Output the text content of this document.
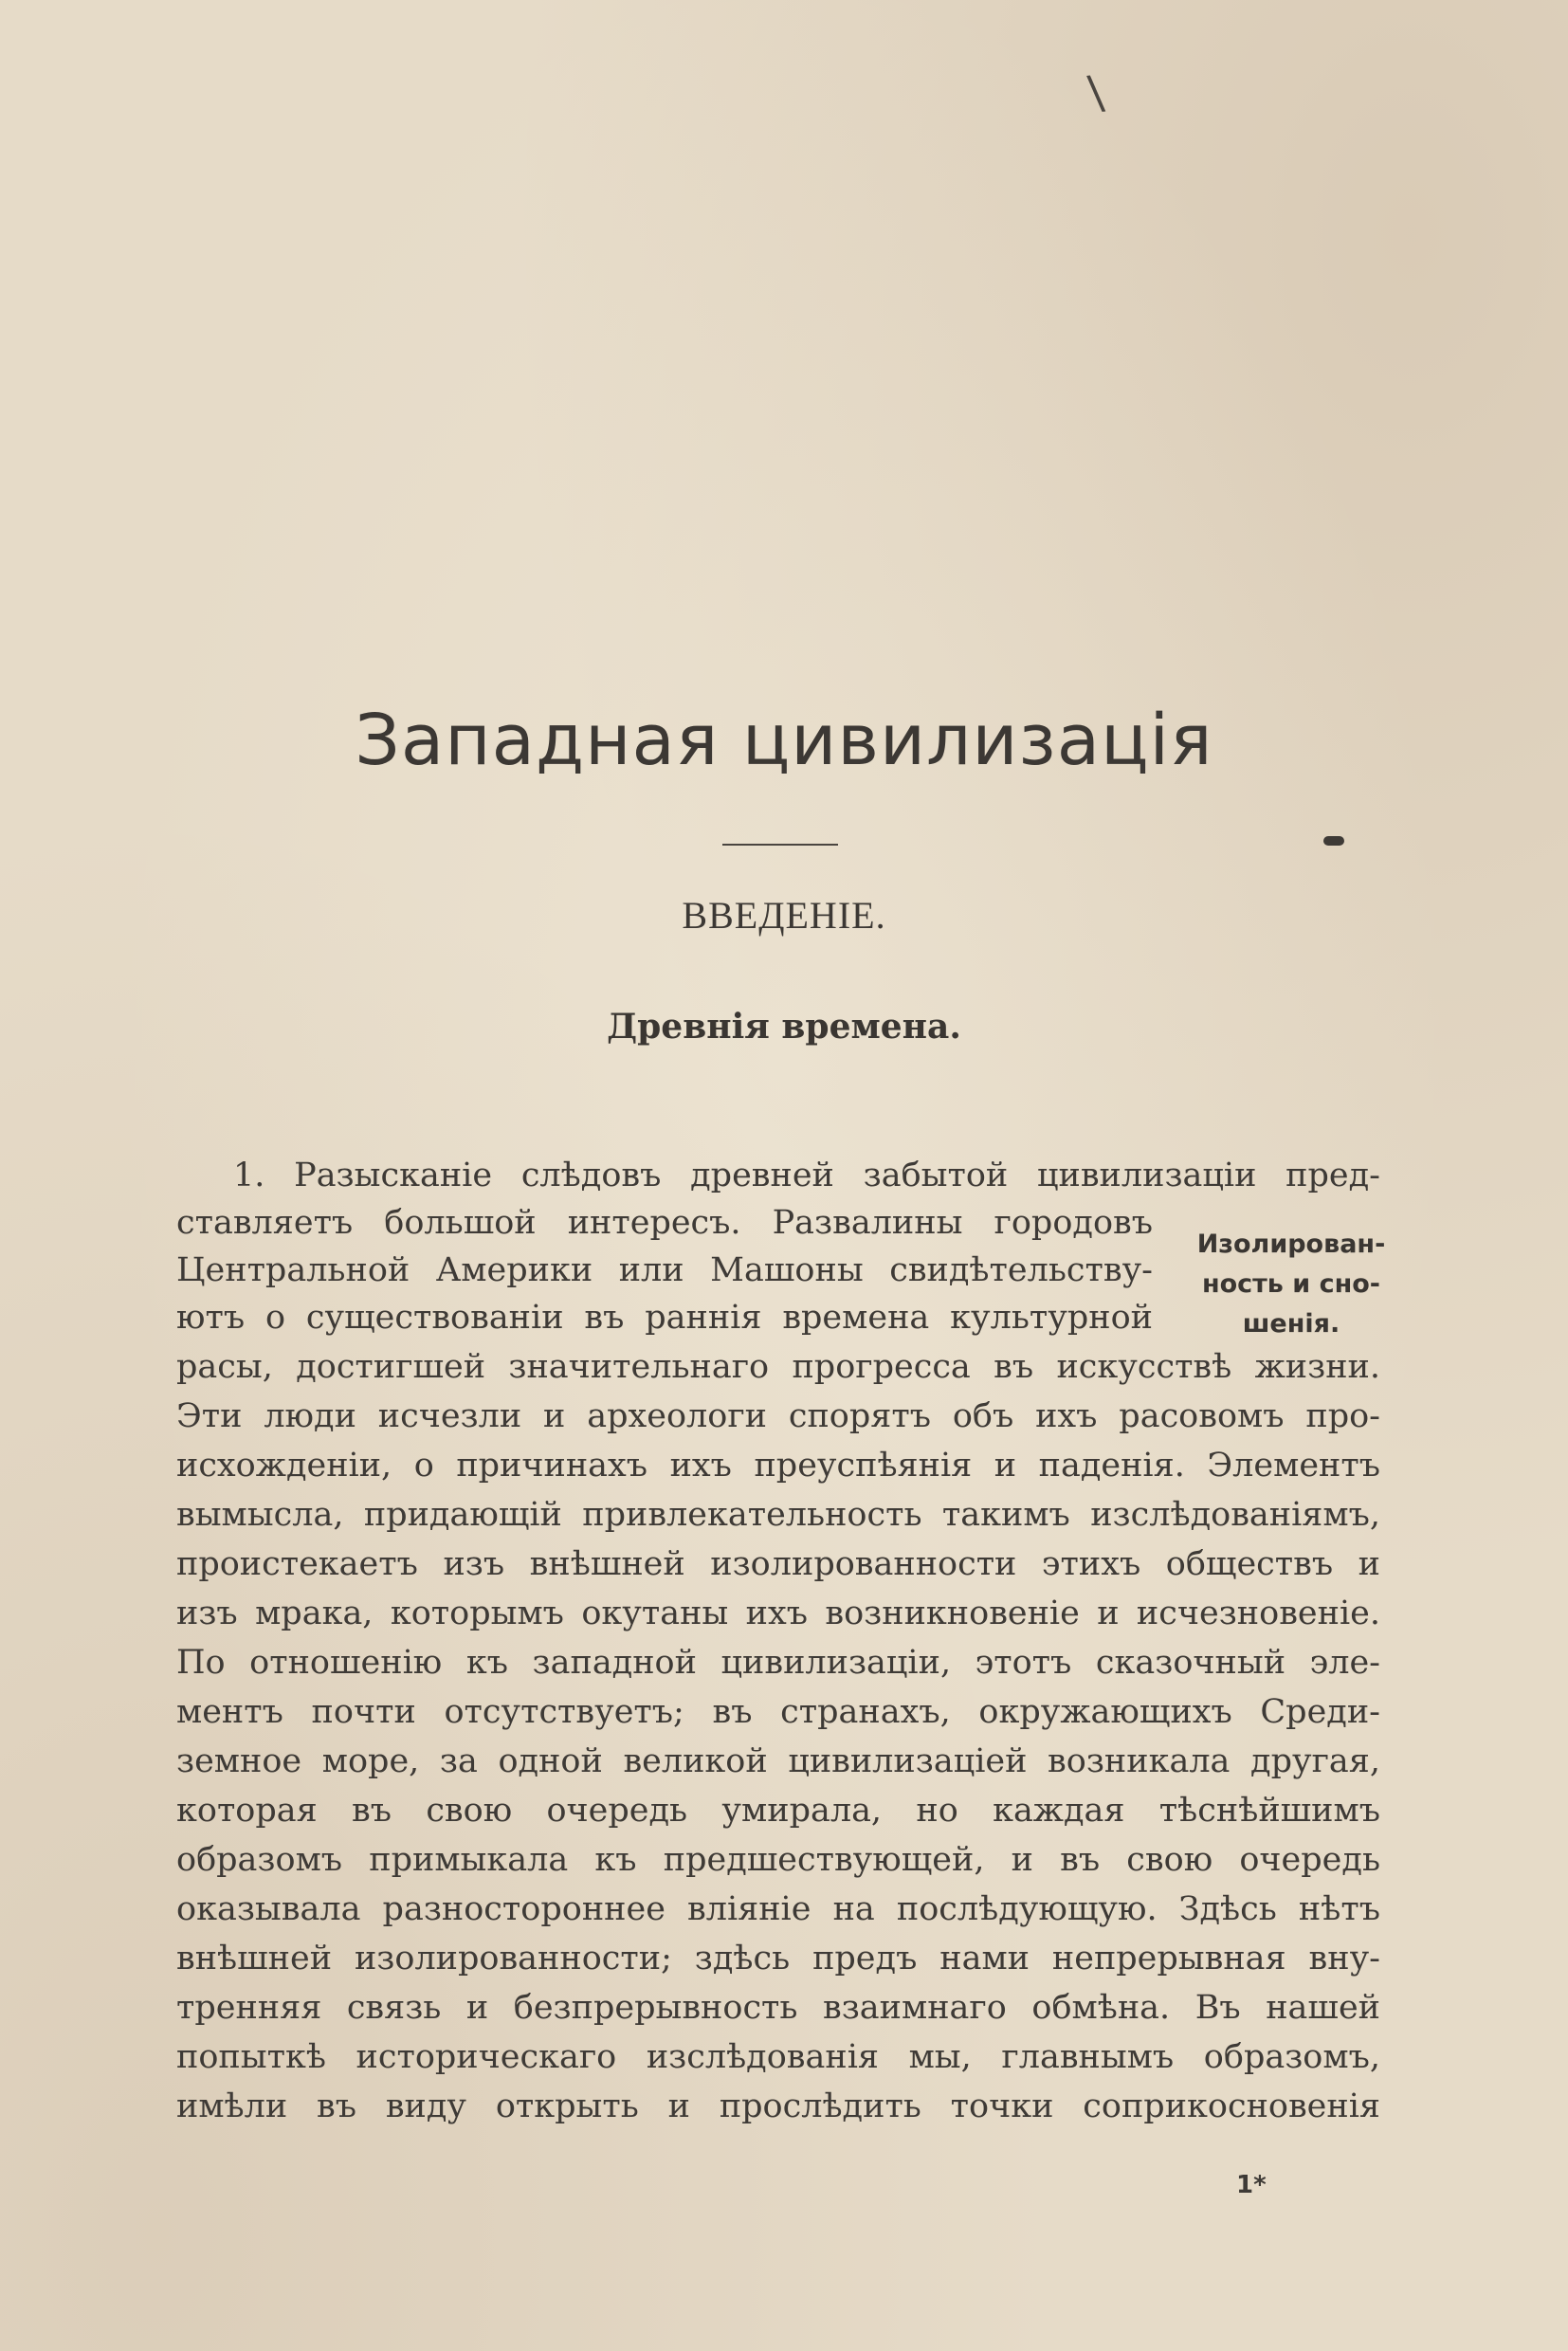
\
Западная цивилизація
ВВЕДЕНІЕ.
Древнія времена.
Изолирован-
ность и сно-
шенія.
1. Разысканіе слѣдовъ древней забытой цивилизаціи пред-
ставляетъ большой интересъ. Развалины городовъ
Центральной Америки или Машоны свидѣтельству-
ютъ о существованіи въ раннія времена культурной
расы, достигшей значительнаго прогресса въ искусствѣ жизни.
Эти люди исчезли и археологи спорятъ объ ихъ расовомъ про-
исхожденіи, о причинахъ ихъ преуспѣянія и паденія. Элементъ
вымысла, придающій привлекательность такимъ изслѣдованіямъ,
проистекаетъ изъ внѣшней изолированности этихъ обществъ и
изъ мрака, которымъ окутаны ихъ возникновеніе и исчезновеніе.
По отношенію къ западной цивилизаціи, этотъ сказочный эле-
ментъ почти отсутствуетъ; въ странахъ, окружающихъ Среди-
земное море, за одной великой цивилизаціей возникала другая,
которая въ свою очередь умирала, но каждая тѣснѣйшимъ
образомъ примыкала къ предшествующей, и въ свою очередь
оказывала разностороннее вліяніе на послѣдующую. Здѣсь нѣтъ
внѣшней изолированности; здѣсь предъ нами непрерывная вну-
тренняя связь и безпрерывность взаимнаго обмѣна. Въ нашей
попыткѣ историческаго изслѣдованія мы, главнымъ образомъ,
имѣли въ виду открыть и прослѣдить точки соприкосновенія
1*
